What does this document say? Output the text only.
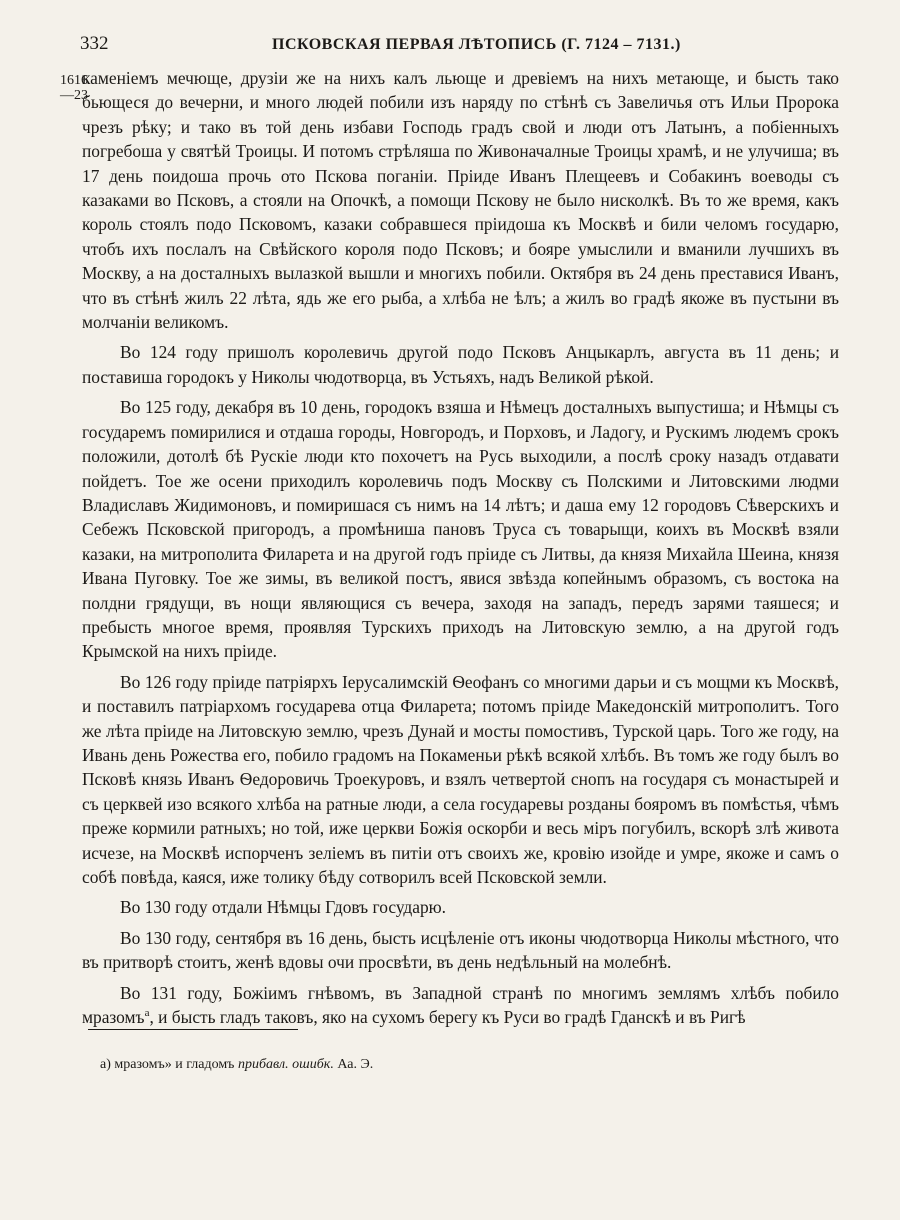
332	ПСКОВСКАЯ ПЕРВАЯ ЛѢТОПИСЬ (Г. 7124 – 7131.)
1616
—23

каменіемъ мечюще, друзіи же на нихъ калъ льюще и древіемъ на нихъ метающе, и бысть тако бьющеся до вечерни, и много людей побили изъ наряду по стѣнѣ съ Завеличья отъ Ильи Пророка чрезъ рѣку; и тако въ той день избави Господь градъ свой и люди отъ Латынъ, а побіенныхъ погребоша у святѣй Троицы. И потомъ стрѣляша по Живоначалные Троицы храмѣ, и не улучиша; въ 17 день поидоша прочь ото Пскова поганіи. Пріиде Иванъ Плещеевъ и Собакинъ воеводы съ казаками во Псковъ, а стояли на Опочкѣ, а помощи Пскову не было нисколкѣ. Въ то же время, какъ король стоялъ подо Псковомъ, казаки собравшеся пріидоша къ Москвѣ и били челомъ государю, чтобъ ихъ послалъ на Свѣйского короля подо Псковъ; и бояре умыслили и вманили лучшихъ въ Москву, а на досталныхъ вылазкой вышли и многихъ побили. Октября въ 24 день преставися Иванъ, что въ стѣнѣ жилъ 22 лѣта, ядь же его рыба, а хлѣба не ѣлъ; а жилъ во градѣ якоже въ пустыни въ молчаніи великомъ.

Во 124 году пришолъ королевичь другой подо Псковъ Анцыкарлъ, августа въ 11 день; и поставиша городокъ у Николы чюдотворца, въ Устьяхъ, надъ Великой рѣкой.

Во 125 году, декабря въ 10 день, городокъ взяша и Нѣмецъ досталныхъ выпустиша; и Нѣмцы съ государемъ помирилися и отдаша городы, Новгородъ, и Порховъ, и Ладогу, и Рускимъ людемъ срокъ положили, дотолѣ бѣ Рускіе люди кто похочетъ на Русь выходили, а послѣ сроку назадъ отдавати пойдетъ. Тое же осени приходилъ королевичь подъ Москву съ Полскими и Литовскими людми Владиславъ Жидимоновъ, и помиришася съ нимъ на 14 лѣтъ; и даша ему 12 городовъ Сѣверскихъ и Себежъ Псковской пригородъ, а промѣниша пановъ Труса съ товарыщи, коихъ въ Москвѣ взяли казаки, на митрополита Филарета и на другой годъ пріиде съ Литвы, да князя Михайла Шеина, князя Ивана Пуговку. Тое же зимы, въ великой постъ, явися звѣзда копейнымъ образомъ, съ востока на полдни грядущи, въ нощи являющися съ вечера, заходя на западъ, передъ зарями таяшеся; и пребысть многое время, проявляя Турскихъ приходъ на Литовскую землю, а на другой годъ Крымской на нихъ пріиде.

Во 126 году пріиде патріярхъ Іерусалимскій Ѳеофанъ со многими дарьи и съ мощми къ Москвѣ, и поставилъ патріархомъ государева отца Филарета; потомъ пріиде Македонскій митрополитъ. Того же лѣта пріиде на Литовскую землю, чрезъ Дунай и мосты помостивъ, Турской царь. Того же году, на Ивань день Рожества его, побило градомъ на Покаменьи рѣкѣ всякой хлѣбъ. Въ томъ же году былъ во Псковѣ князь Иванъ Ѳедоровичь Троекуровъ, и взялъ четвертой снопъ на государя съ монастырей и съ церквей изо всякого хлѣба на ратные люди, а села государевы розданы бояромъ въ помѣстья, чѣмъ преже кормили ратныхъ; но той, иже церкви Божія оскорби и весь міръ погубилъ, вскорѣ злѣ живота исчезе, на Москвѣ испорченъ зеліемъ въ питіи отъ своихъ же, кровію изойде и умре, якоже и самъ о собѣ повѣда, каяся, иже толику бѣду сотворилъ всей Псковской земли.

Во 130 году отдали Нѣмцы Гдовъ государю.

Во 130 году, сентября въ 16 день, бысть исцѣленіе отъ иконы чюдотворца Николы мѣстного, что въ притворѣ стоитъ, женѣ вдовы очи просвѣти, въ день недѣльный на молебнѣ.

Во 131 году, Божіимъ гнѣвомъ, въ Западной странѣ по многимъ землямъ хлѣбъ побило мразомъ$^а$, и бысть гладъ таковъ, яко на сухомъ берегу къ Руси во градѣ Гданскѣ и въ Ригѣ

а) мразомъ» и гладомъ прибавл. ошибк. Аа. Э.
